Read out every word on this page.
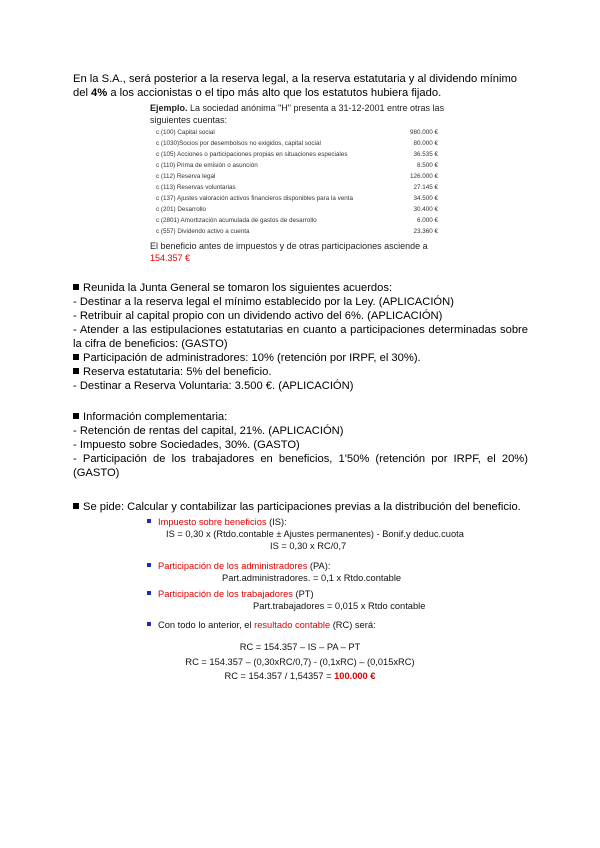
En la S.A., será posterior a la reserva legal, a la reserva estatutaria y al dividendo mínimo
del 4% a los accionistas o el tipo más alto que los estatutos hubiera fijado.
Ejemplo. La sociedad anónima "H" presenta a 31-12-2001 entre otras las
siguientes cuentas:
c (100) Capital social	980.000 €
c (1030)Socios por desembolsos no exigidos, capital social	80.000 €
c (105) Acciones o participaciones propias en situaciones especiales	36.535 €
c (110) Prima de emisión o asunción	8.500 €
c (112) Reserva legal	126.000 €
c (113) Reservas voluntarias	27.145 €
c (137) Ajustes valoración activos financieros disponibles para la venta	34.500 €
c (201) Desarrollo	30.400 €
c (2801) Amortización acumulada de gastos de desarrollo	6.000 €
c (557) Dividendo activo a cuenta	23.360 €
El beneficio antes de impuestos y de otras participaciones asciende a
154.357 €
Reunida la Junta General se tomaron los siguientes acuerdos:
- Destinar a la reserva legal el mínimo establecido por la Ley. (APLICACIÓN)
- Retribuir al capital propio con un dividendo activo del 6%. (APLICACIÓN)
- Atender a las estipulaciones estatutarias en cuanto a participaciones determinadas sobre
la cifra de beneficios: (GASTO)
Participación de administradores: 10% (retención por IRPF, el 30%).
Reserva estatutaria: 5% del beneficio.
- Destinar a Reserva Voluntaria: 3.500 €. (APLICACIÓN)
Información complementaria:
- Retención de rentas del capital, 21%. (APLICACIÓN)
- Impuesto sobre Sociedades, 30%. (GASTO)
- Participación de los trabajadores en beneficios, 1'50% (retención por IRPF, el 20%)
(GASTO)
Se pide: Calcular y contabilizar las participaciones previas a la distribución del beneficio.
Impuesto sobre beneficios (IS):
IS = 0,30 x (Rtdo.contable ± Ajustes permanentes) - Bonif.y deduc.cuota
IS = 0,30 x RC/0,7
Participación de los administradores (PA):
Part.administradores. = 0,1 x Rtdo.contable
Participación de los trabajadores (PT)
Part.trabajadores = 0,015 x Rtdo contable
Con todo lo anterior, el resultado contable (RC) será:
RC = 154.357 – IS – PA – PT
RC = 154.357 – (0,30xRC/0,7) - (0,1xRC) – (0,015xRC)
RC = 154.357 / 1,54357 = 100.000 €
